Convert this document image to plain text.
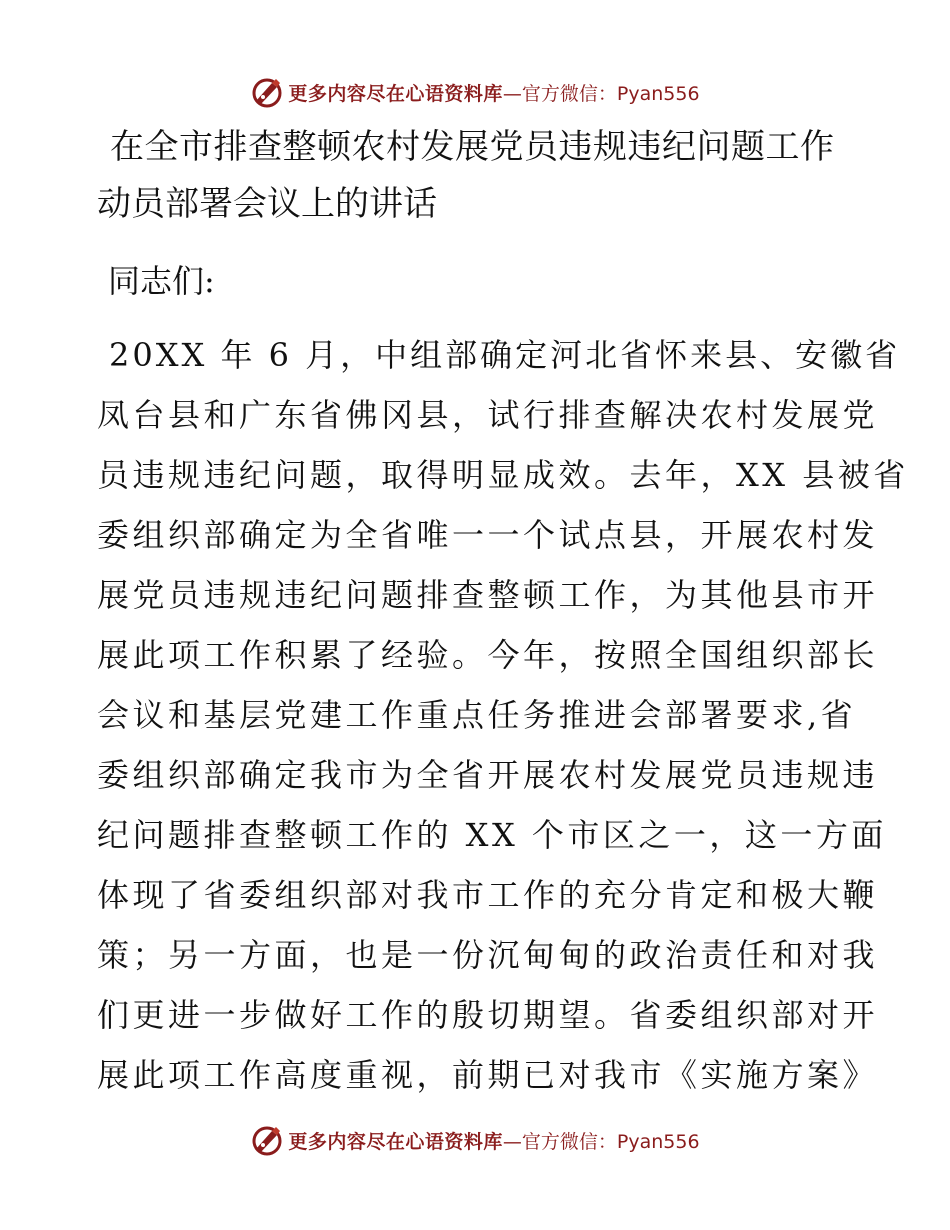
更多内容尽在心语资料库 —官方微信：Pyan556
在全市排查整顿农村发展党员违规违纪问题工作
动员部署会议上的讲话
同志们:
20XX 年 6 月，中组部确定河北省怀来县、安徽省
凤台县和广东省佛冈县，试行排查解决农村发展党
员违规违纪问题，取得明显成效。去年，XX 县被省
委组织部确定为全省唯一一个试点县，开展农村发
展党员违规违纪问题排查整顿工作，为其他县市开
展此项工作积累了经验。今年，按照全国组织部长
会议和基层党建工作重点任务推进会部署要求,省
委组织部确定我市为全省开展农村发展党员违规违
纪问题排查整顿工作的 XX 个市区之一，这一方面
体现了省委组织部对我市工作的充分肯定和极大鞭
策；另一方面，也是一份沉甸甸的政治责任和对我
们更进一步做好工作的殷切期望。省委组织部对开
展此项工作高度重视，前期已对我市《实施方案》
更多内容尽在心语资料库 —官方微信：Pyan556
